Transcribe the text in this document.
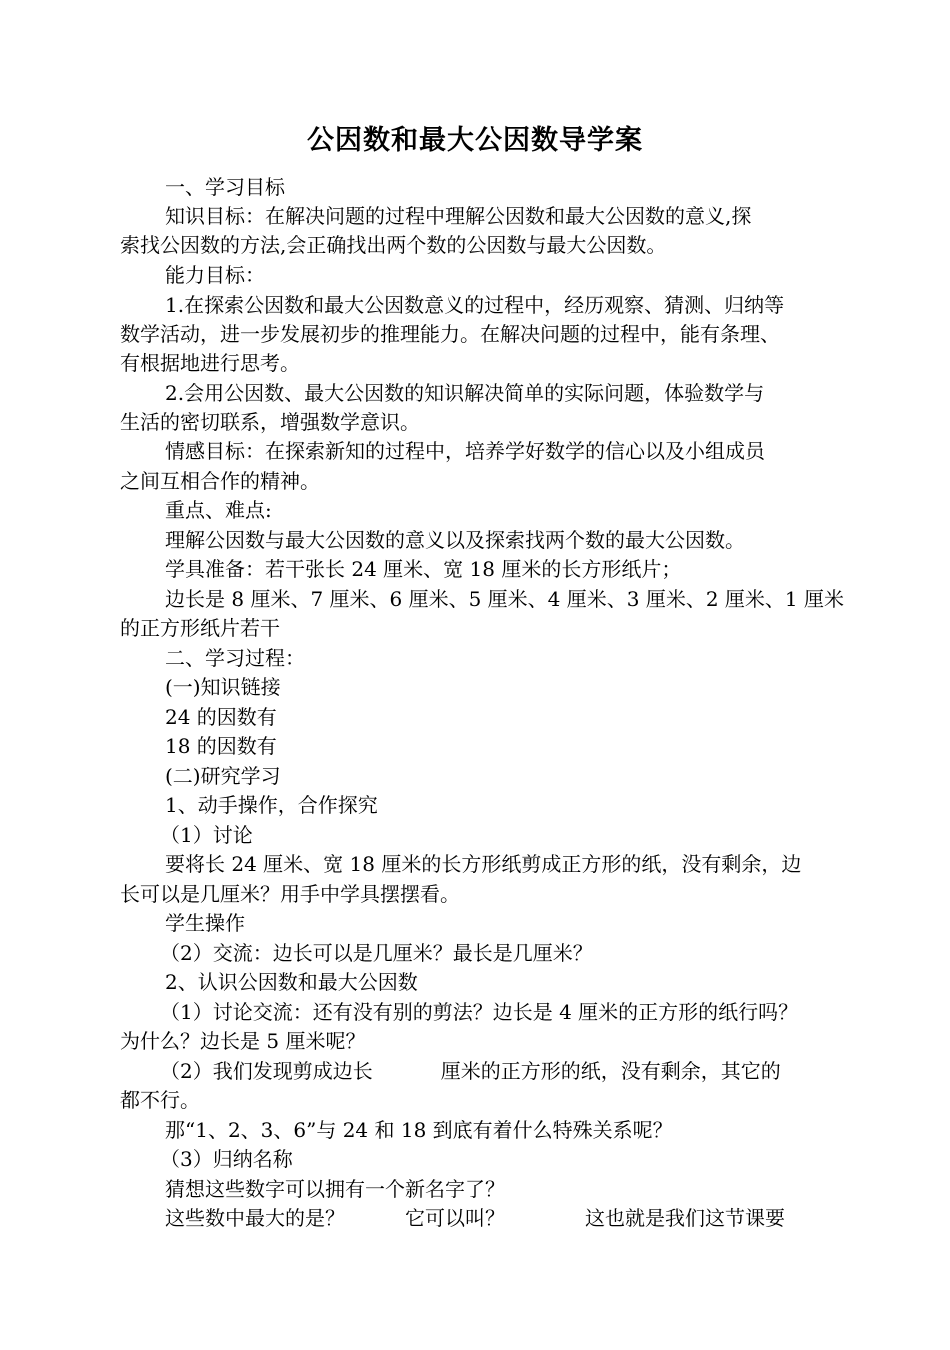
公因数和最大公因数导学案
一、学习目标
知识目标：在解决问题的过程中理解公因数和最大公因数的意义,探
索找公因数的方法,会正确找出两个数的公因数与最大公因数。
能力目标：
1.在探索公因数和最大公因数意义的过程中，经历观察、猜测、归纳等
数学活动，进一步发展初步的推理能力。在解决问题的过程中，能有条理、
有根据地进行思考。
2.会用公因数、最大公因数的知识解决简单的实际问题，体验数学与
生活的密切联系，增强数学意识。
情感目标：在探索新知的过程中，培养学好数学的信心以及小组成员
之间互相合作的精神。
重点、难点:
理解公因数与最大公因数的意义以及探索找两个数的最大公因数。
学具准备：若干张长 24 厘米、宽 18 厘米的长方形纸片；
边长是 8 厘米、7 厘米、6 厘米、5 厘米、4 厘米、3 厘米、2 厘米、1 厘米
的正方形纸片若干
二、学习过程：
(一)知识链接
24 的因数有
18 的因数有
(二)研究学习
1、动手操作，合作探究
（1）讨论
要将长 24 厘米、宽 18 厘米的长方形纸剪成正方形的纸，没有剩余，边
长可以是几厘米？用手中学具摆摆看。
学生操作
（2）交流：边长可以是几厘米？最长是几厘米？
2、认识公因数和最大公因数
（1）讨论交流：还有没有别的剪法？边长是 4 厘米的正方形的纸行吗？
为什么？边长是 5 厘米呢？
（2）我们发现剪成边长	厘米的正方形的纸，没有剩余，其它的
都不行。
那“1、2、3、6”与 24 和 18 到底有着什么特殊关系呢？
（3）归纳名称
猜想这些数字可以拥有一个新名字了？
这些数中最大的是？	它可以叫？	这也就是我们这节课要
